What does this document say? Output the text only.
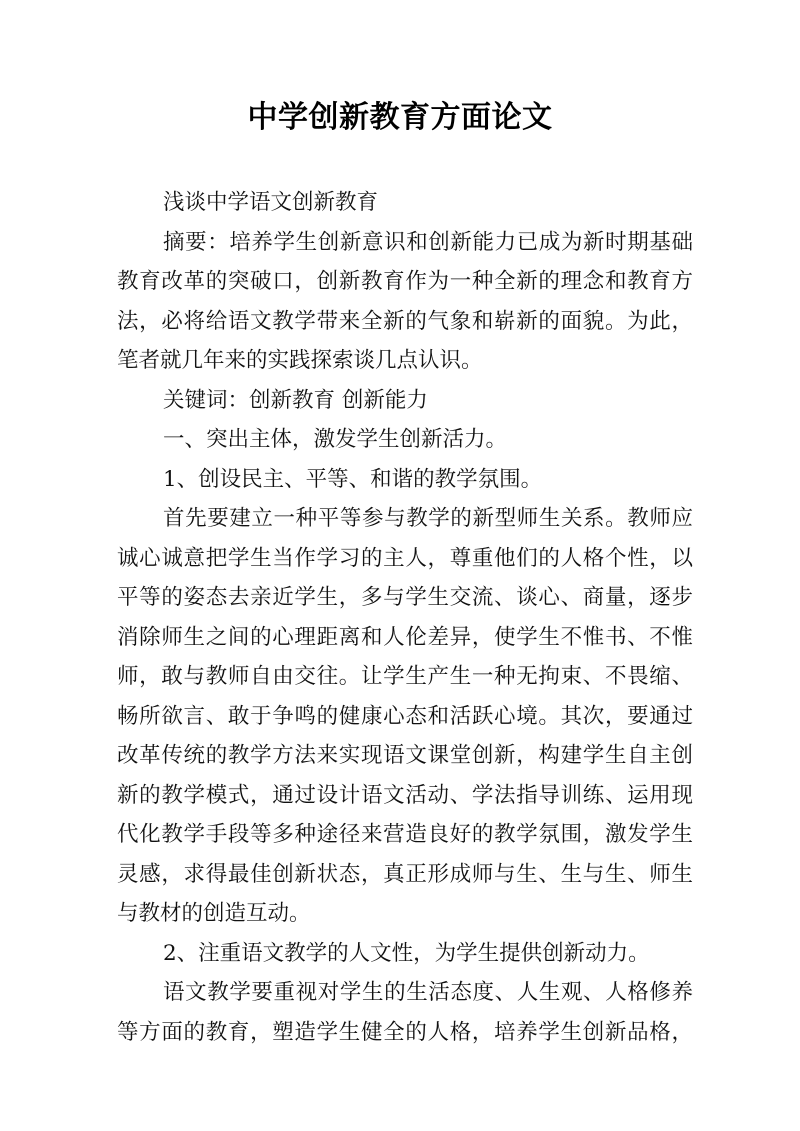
中学创新教育方面论文
浅谈中学语文创新教育
摘要：培养学生创新意识和创新能力已成为新时期基础
教育改革的突破口，创新教育作为一种全新的理念和教育方
法，必将给语文教学带来全新的气象和崭新的面貌。为此，
笔者就几年来的实践探索谈几点认识。
关键词：创新教育 创新能力
一、突出主体，激发学生创新活力。
1、创设民主、平等、和谐的教学氛围。
首先要建立一种平等参与教学的新型师生关系。教师应
诚心诚意把学生当作学习的主人，尊重他们的人格个性，以
平等的姿态去亲近学生，多与学生交流、谈心、商量，逐步
消除师生之间的心理距离和人伦差异，使学生不惟书、不惟
师，敢与教师自由交往。让学生产生一种无拘束、不畏缩、
畅所欲言、敢于争鸣的健康心态和活跃心境。其次，要通过
改革传统的教学方法来实现语文课堂创新，构建学生自主创
新的教学模式，通过设计语文活动、学法指导训练、运用现
代化教学手段等多种途径来营造良好的教学氛围，激发学生
灵感，求得最佳创新状态，真正形成师与生、生与生、师生
与教材的创造互动。
2、注重语文教学的人文性，为学生提供创新动力。
语文教学要重视对学生的生活态度、人生观、人格修养
等方面的教育，塑造学生健全的人格，培养学生创新品格，
